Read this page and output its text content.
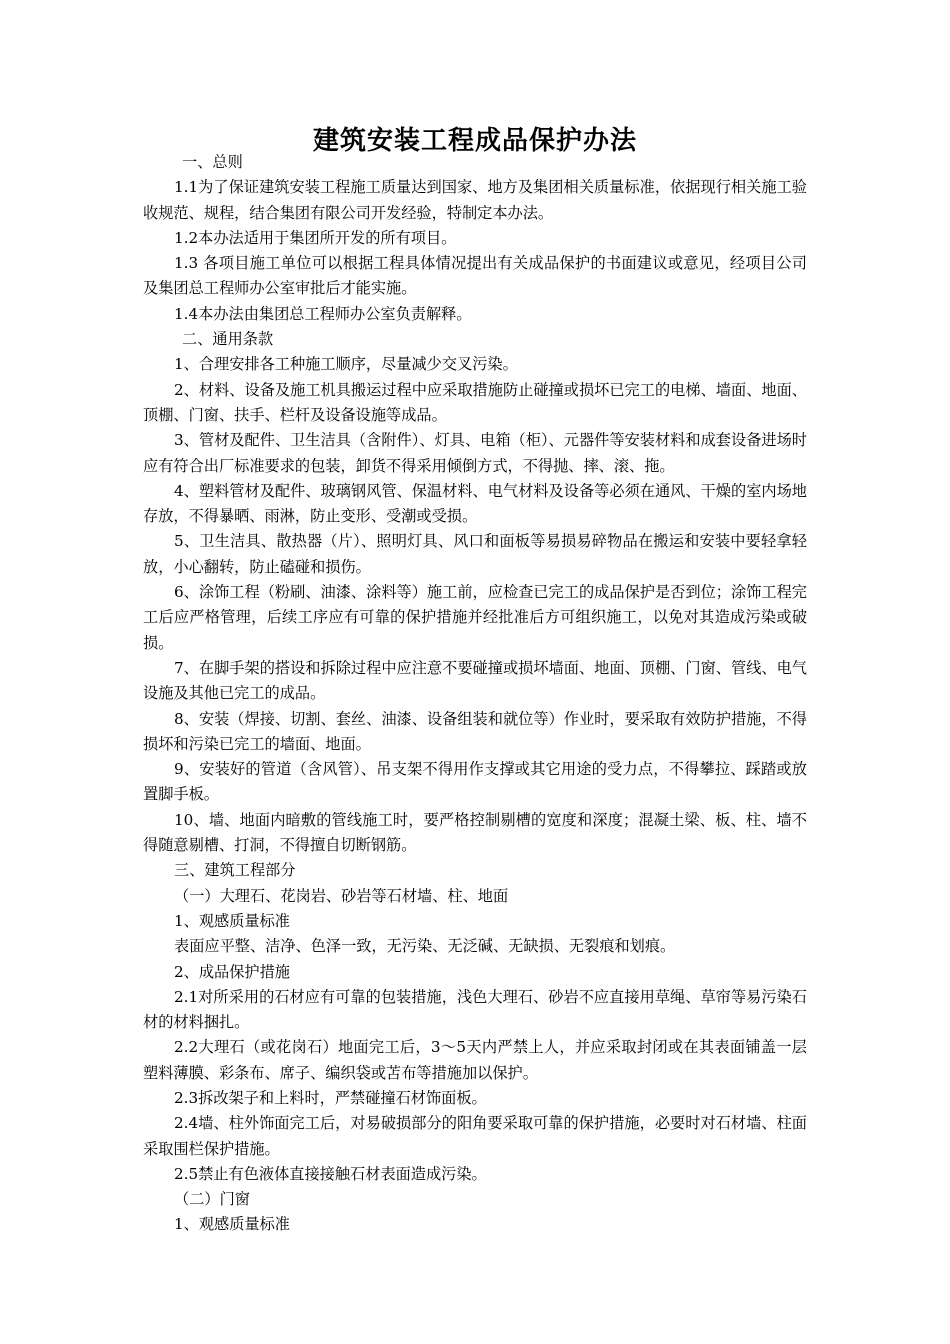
建筑安装工程成品保护办法

一、总则

1.1为了保证建筑安装工程施工质量达到国家、地方及集团相关质量标准，依据现行相关施工验收规范、规程，结合集团有限公司开发经验，特制定本办法。

1.2本办法适用于集团所开发的所有项目。

1.3 各项目施工单位可以根据工程具体情况提出有关成品保护的书面建议或意见，经项目公司及集团总工程师办公室审批后才能实施。

1.4本办法由集团总工程师办公室负责解释。

二、通用条款

1、合理安排各工种施工顺序，尽量减少交叉污染。

2、材料、设备及施工机具搬运过程中应采取措施防止碰撞或损坏已完工的电梯、墙面、地面、顶棚、门窗、扶手、栏杆及设备设施等成品。

3、管材及配件、卫生洁具（含附件）、灯具、电箱（柜）、元器件等安装材料和成套设备进场时应有符合出厂标准要求的包装，卸货不得采用倾倒方式，不得抛、摔、滚、拖。

4、塑料管材及配件、玻璃钢风管、保温材料、电气材料及设备等必须在通风、干燥的室内场地存放，不得暴晒、雨淋，防止变形、受潮或受损。

5、卫生洁具、散热器（片）、照明灯具、风口和面板等易损易碎物品在搬运和安装中要轻拿轻放，小心翻转，防止磕碰和损伤。

6、涂饰工程（粉刷、油漆、涂料等）施工前，应检查已完工的成品保护是否到位；涂饰工程完工后应严格管理，后续工序应有可靠的保护措施并经批准后方可组织施工，以免对其造成污染或破损。

7、在脚手架的搭设和拆除过程中应注意不要碰撞或损坏墙面、地面、顶棚、门窗、管线、电气设施及其他已完工的成品。

8、安装（焊接、切割、套丝、油漆、设备组装和就位等）作业时，要采取有效防护措施，不得损坏和污染已完工的墙面、地面。

9、安装好的管道（含风管）、吊支架不得用作支撑或其它用途的受力点，不得攀拉、踩踏或放置脚手板。

10、墙、地面内暗敷的管线施工时，要严格控制剔槽的宽度和深度；混凝土梁、板、柱、墙不得随意剔槽、打洞，不得擅自切断钢筋。

三、建筑工程部分

（一）大理石、花岗岩、砂岩等石材墙、柱、地面

1、观感质量标准

表面应平整、洁净、色泽一致，无污染、无泛碱、无缺损、无裂痕和划痕。

2、成品保护措施

2.1对所采用的石材应有可靠的包装措施，浅色大理石、砂岩不应直接用草绳、草帘等易污染石材的材料捆扎。

2.2大理石（或花岗石）地面完工后，3～5天内严禁上人，并应采取封闭或在其表面铺盖一层塑料薄膜、彩条布、席子、编织袋或苫布等措施加以保护。

2.3拆改架子和上料时，严禁碰撞石材饰面板。

2.4墙、柱外饰面完工后，对易破损部分的阳角要采取可靠的保护措施，必要时对石材墙、柱面采取围栏保护措施。

2.5禁止有色液体直接接触石材表面造成污染。

（二）门窗

1、观感质量标准
